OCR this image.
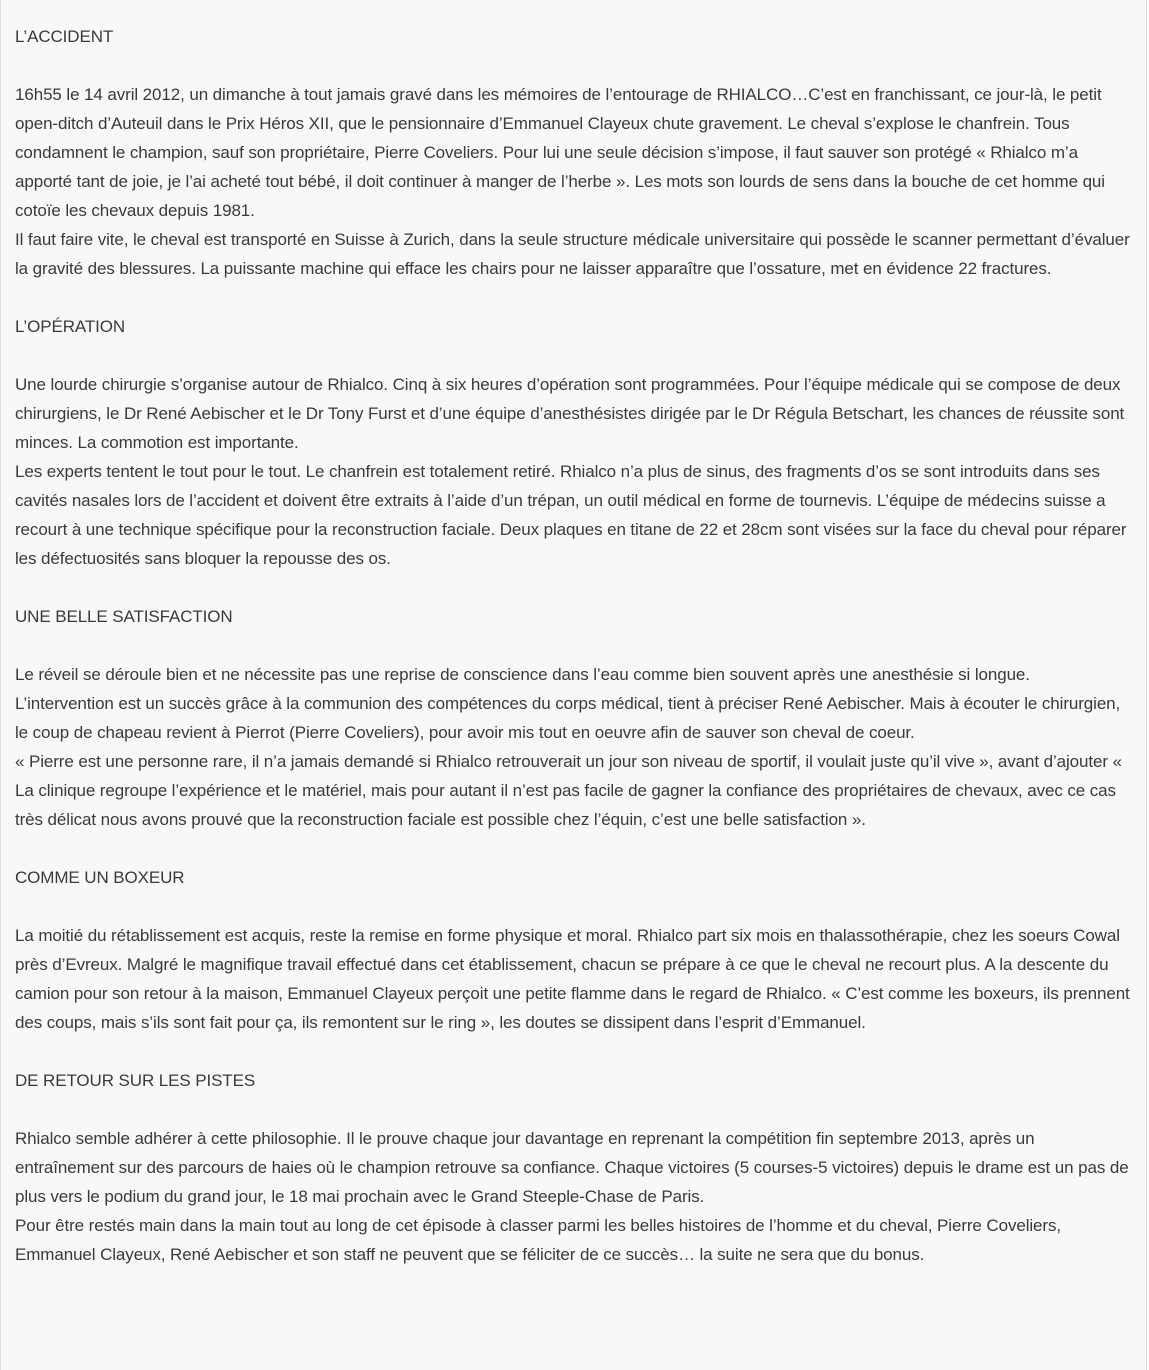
L’ACCIDENT

16h55 le 14 avril 2012, un dimanche à tout jamais gravé dans les mémoires de l’entourage de RHIALCO…C’est en franchissant, ce jour-là, le petit open-ditch d’Auteuil dans le Prix Héros XII, que le pensionnaire d’Emmanuel Clayeux chute gravement. Le cheval s’explose le chanfrein. Tous condamnent le champion, sauf son propriétaire, Pierre Coveliers. Pour lui une seule décision s’impose, il faut sauver son protégé « Rhialco m’a apporté tant de joie, je l’ai acheté tout bébé, il doit continuer à manger de l’herbe ». Les mots son lourds de sens dans la bouche de cet homme qui cotoïe les chevaux depuis 1981.

Il faut faire vite, le cheval est transporté en Suisse à Zurich, dans la seule structure médicale universitaire qui possède le scanner permettant d’évaluer la gravité des blessures. La puissante machine qui efface les chairs pour ne laisser apparaître que l’ossature, met en évidence 22 fractures.

L’OPÉRATION

Une lourde chirurgie s’organise autour de Rhialco. Cinq à six heures d’opération sont programmées. Pour l’équipe médicale qui se compose de deux chirurgiens, le Dr René Aebischer et le Dr Tony Furst et d’une équipe d’anesthésistes dirigée par le Dr Régula Betschart, les chances de réussite sont minces. La commotion est importante.

Les experts tentent le tout pour le tout. Le chanfrein est totalement retiré. Rhialco n’a plus de sinus, des fragments d’os se sont introduits dans ses cavités nasales lors de l’accident et doivent être extraits à l’aide d’un trépan, un outil médical en forme de tournevis. L’équipe de médecins suisse a recourt à une technique spécifique pour la reconstruction faciale. Deux plaques en titane de 22 et 28cm sont visées sur la face du cheval pour réparer les défectuosités sans bloquer la repousse des os.

UNE BELLE SATISFACTION

Le réveil se déroule bien et ne nécessite pas une reprise de conscience dans l’eau comme bien souvent après une anesthésie si longue. L’intervention est un succès grâce à la communion des compétences du corps médical, tient à préciser René Aebischer. Mais à écouter le chirurgien, le coup de chapeau revient à Pierrot (Pierre Coveliers), pour avoir mis tout en oeuvre afin de sauver son cheval de coeur.

« Pierre est une personne rare, il n’a jamais demandé si Rhialco retrouverait un jour son niveau de sportif, il voulait juste qu’il vive », avant d’ajouter « La clinique regroupe l’expérience et le matériel, mais pour autant il n’est pas facile de gagner la confiance des propriétaires de chevaux, avec ce cas très délicat nous avons prouvé que la reconstruction faciale est possible chez l’équin, c’est une belle satisfaction ».

COMME UN BOXEUR

La moitié du rétablissement est acquis, reste la remise en forme physique et moral. Rhialco part six mois en thalassothérapie, chez les soeurs Cowal près d’Evreux. Malgré le magnifique travail effectué dans cet établissement, chacun se prépare à ce que le cheval ne recourt plus. A la descente du camion pour son retour à la maison, Emmanuel Clayeux perçoit une petite flamme dans le regard de Rhialco. « C’est comme les boxeurs, ils prennent des coups, mais s’ils sont fait pour ça, ils remontent sur le ring », les doutes se dissipent dans l’esprit d’Emmanuel.

DE RETOUR SUR LES PISTES

Rhialco semble adhérer à cette philosophie. Il le prouve chaque jour davantage en reprenant la compétition fin septembre 2013, après un entraînement sur des parcours de haies où le champion retrouve sa confiance. Chaque victoires (5 courses-5 victoires) depuis le drame est un pas de plus vers le podium du grand jour, le 18 mai prochain avec le Grand Steeple-Chase de Paris.

Pour être restés main dans la main tout au long de cet épisode à classer parmi les belles histoires de l’homme et du cheval, Pierre Coveliers, Emmanuel Clayeux, René Aebischer et son staff ne peuvent que se féliciter de ce succès… la suite ne sera que du bonus.
